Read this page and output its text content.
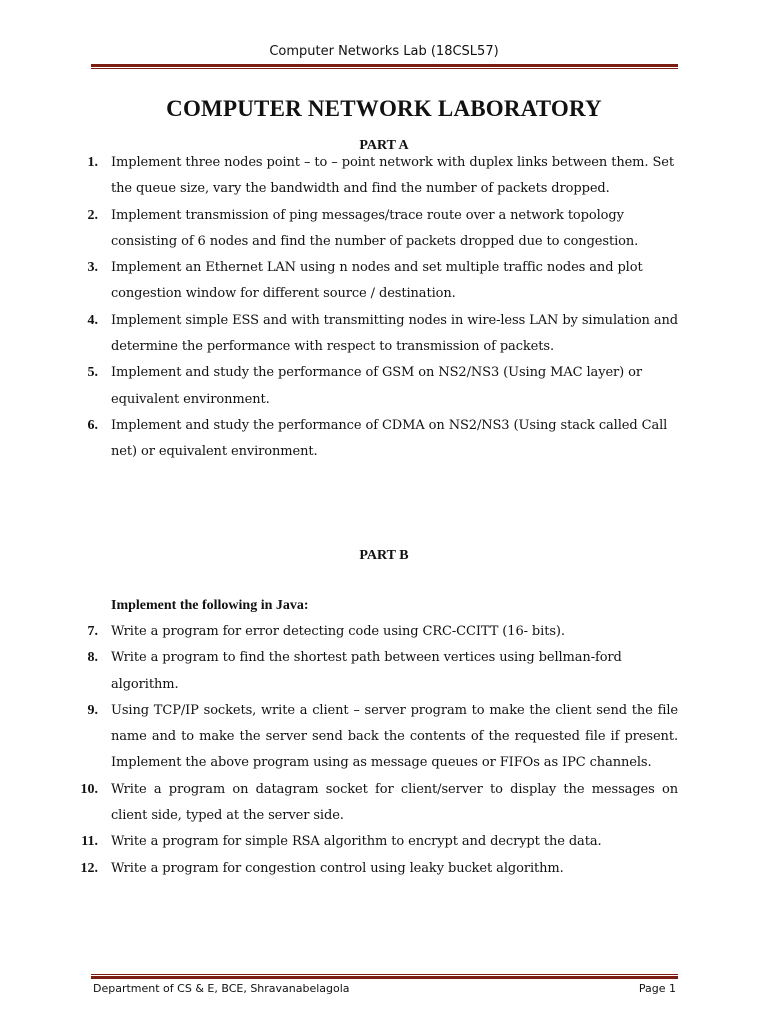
Computer Networks Lab (18CSL57)
COMPUTER NETWORK LABORATORY
PART A
1. Implement three nodes point – to – point network with duplex links between them. Set the queue size, vary the bandwidth and find the number of packets dropped.
2. Implement transmission of ping messages/trace route over a network topology consisting of 6 nodes and find the number of packets dropped due to congestion.
3. Implement an Ethernet LAN using n nodes and set multiple traffic nodes and plot congestion window for different source / destination.
4. Implement simple ESS and with transmitting nodes in wire-less LAN by simulation and determine the performance with respect to transmission of packets.
5. Implement and study the performance of GSM on NS2/NS3 (Using MAC layer) or equivalent environment.
6. Implement and study the performance of CDMA on NS2/NS3 (Using stack called Call net) or equivalent environment.
PART B
Implement the following in Java:
7. Write a program for error detecting code using CRC-CCITT (16- bits).
8. Write a program to find the shortest path between vertices using bellman-ford algorithm.
9. Using TCP/IP sockets, write a client – server program to make the client send the file name and to make the server send back the contents of the requested file if present. Implement the above program using as message queues or FIFOs as IPC channels.
10. Write a program on datagram socket for client/server to display the messages on client side, typed at the server side.
11. Write a program for simple RSA algorithm to encrypt and decrypt the data.
12. Write a program for congestion control using leaky bucket algorithm.
Department of CS & E, BCE, Shravanabelagola	Page 1
